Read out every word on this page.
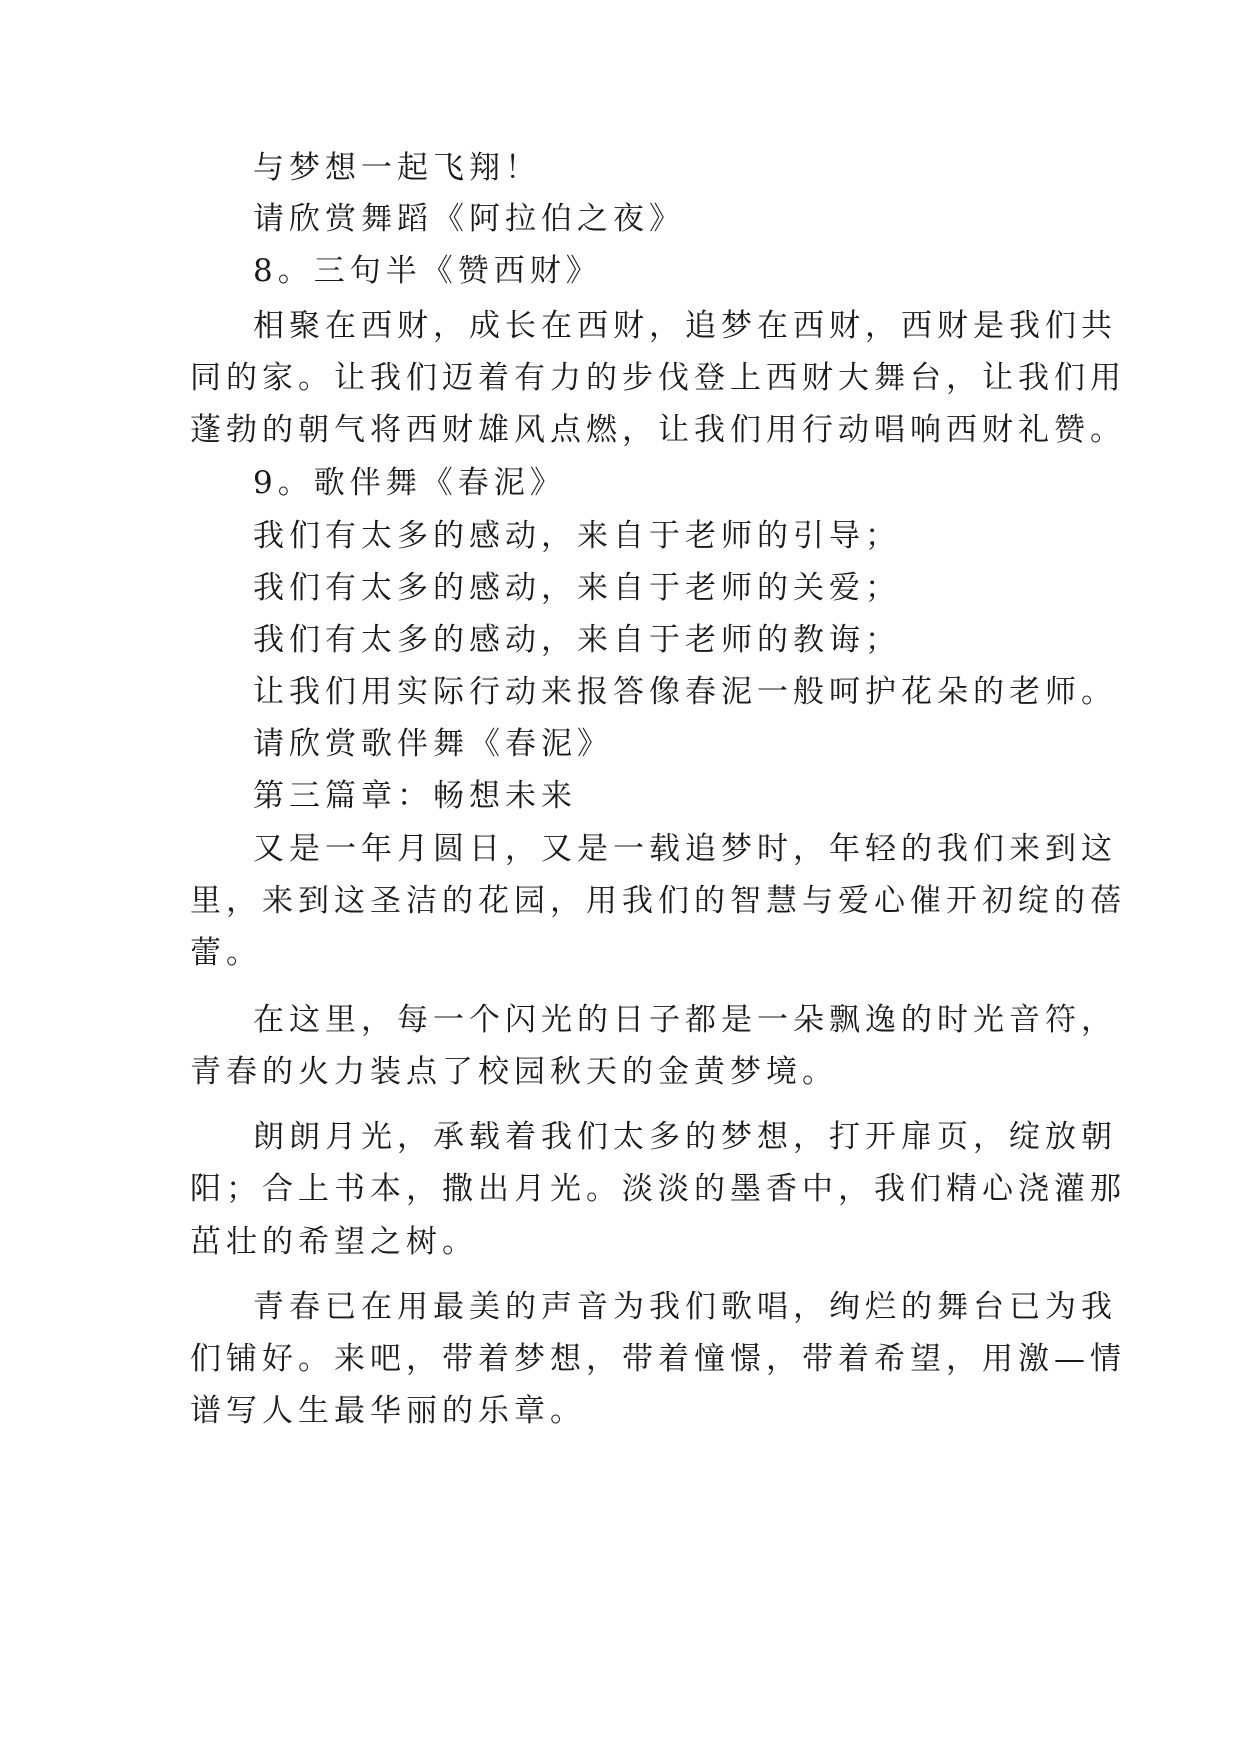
与梦想一起飞翔！

请欣赏舞蹈《阿拉伯之夜》

8。三句半《赞西财》

相聚在西财，成长在西财，追梦在西财，西财是我们共

同的家。让我们迈着有力的步伐登上西财大舞台，让我们用

蓬勃的朝气将西财雄风点燃，让我们用行动唱响西财礼赞。

9。歌伴舞《春泥》

我们有太多的感动，来自于老师的引导；

我们有太多的感动，来自于老师的关爱；

我们有太多的感动，来自于老师的教诲；

让我们用实际行动来报答像春泥一般呵护花朵的老师。

请欣赏歌伴舞《春泥》

第三篇章：畅想未来

又是一年月圆日，又是一载追梦时，年轻的我们来到这

里，来到这圣洁的花园，用我们的智慧与爱心催开初绽的蓓

蕾。

在这里，每一个闪光的日子都是一朵飘逸的时光音符，

青春的火力装点了校园秋天的金黄梦境。

朗朗月光，承载着我们太多的梦想，打开扉页，绽放朝

阳；合上书本，撒出月光。淡淡的墨香中，我们精心浇灌那

茁壮的希望之树。

青春已在用最美的声音为我们歌唱，绚烂的舞台已为我

们铺好。来吧，带着梦想，带着憧憬，带着希望，用激—情

谱写人生最华丽的乐章。
